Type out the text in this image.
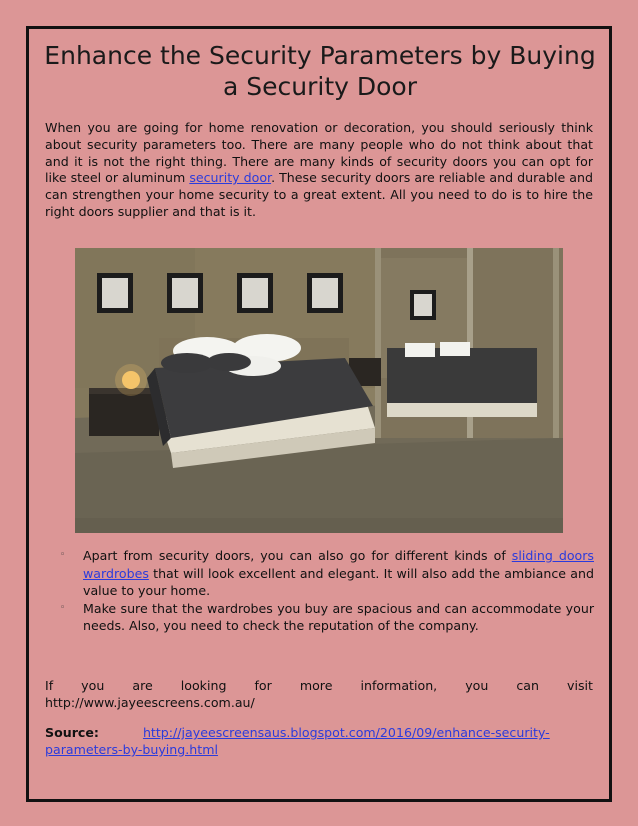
Enhance the Security Parameters by Buying a Security Door

When you are going for home renovation or decoration, you should seriously think about security parameters too. There are many people who do not think about that and it is not the right thing. There are many kinds of security doors you can opt for like steel or aluminum security door. These security doors are reliable and durable and can strengthen your home security to a great extent. All you need to do is to hire the right doors supplier and that is it.

◦ Apart from security doors, you can also go for different kinds of sliding doors wardrobes that will look excellent and elegant. It will also add the ambiance and value to your home.
◦ Make sure that the wardrobes you buy are spacious and can accommodate your needs. Also, you need to check the reputation of the company.
If you are looking for more information, you can visit
http://www.jayeescreens.com.au/
Source:	http://jayeescreensaus.blogspot.com/2016/09/enhance-security-parameters-by-buying.html
